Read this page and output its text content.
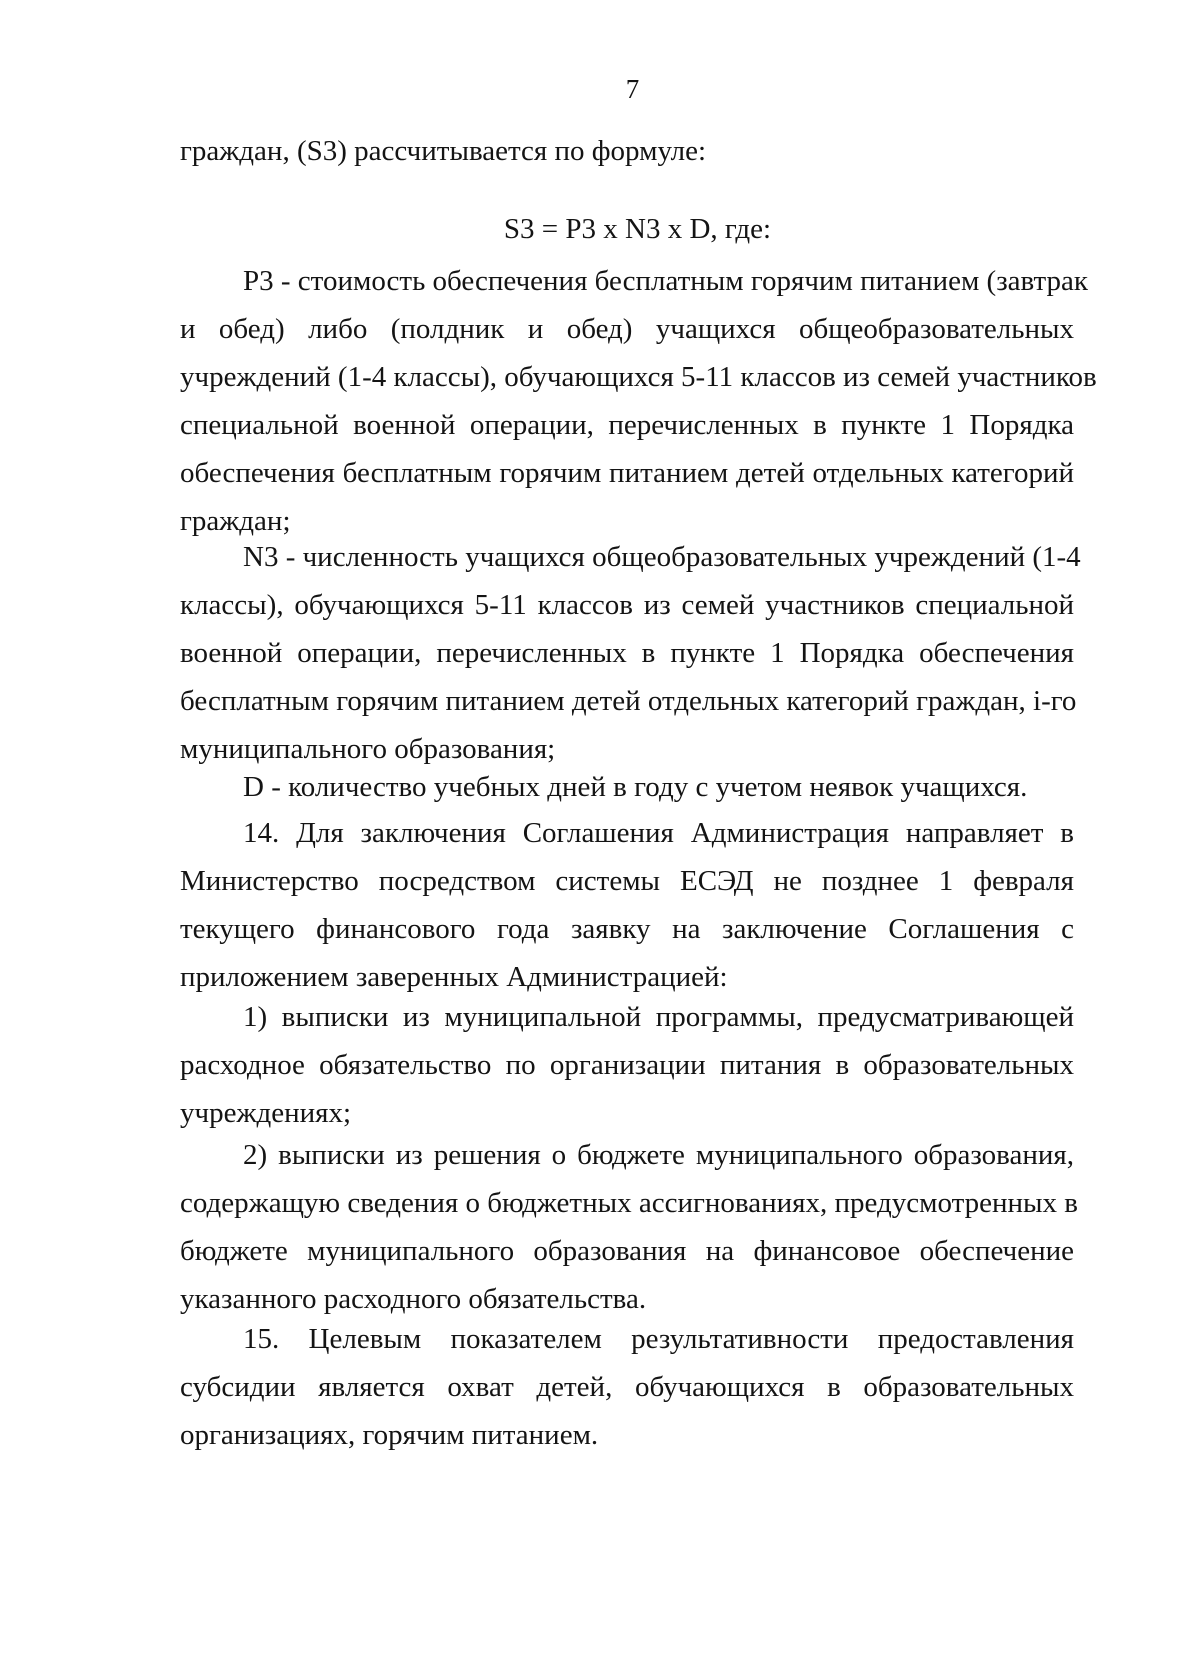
7
граждан, (S3) рассчитывается по формуле:
S3 = P3 x N3 x D, где:
P3 - стоимость обеспечения бесплатным горячим питанием (завтрак
и обед) либо (полдник и обед) учащихся общеобразовательных
учреждений (1-4 классы), обучающихся 5-11 классов из семей участников
специальной военной операции, перечисленных в пункте 1 Порядка
обеспечения бесплатным горячим питанием детей отдельных категорий
граждан;
N3 - численность учащихся общеобразовательных учреждений (1-4
классы), обучающихся 5-11 классов из семей участников специальной
военной операции, перечисленных в пункте 1 Порядка обеспечения
бесплатным горячим питанием детей отдельных категорий граждан, i-го
муниципального образования;
D - количество учебных дней в году с учетом неявок учащихся.
14. Для заключения Соглашения Администрация направляет в
Министерство посредством системы ЕСЭД не позднее 1 февраля
текущего финансового года заявку на заключение Соглашения с
приложением заверенных Администрацией:
1) выписки из муниципальной программы, предусматривающей
расходное обязательство по организации питания в образовательных
учреждениях;
2) выписки из решения о бюджете муниципального образования,
содержащую сведения о бюджетных ассигнованиях, предусмотренных в
бюджете муниципального образования на финансовое обеспечение
указанного расходного обязательства.
15. Целевым показателем результативности предоставления
субсидии является охват детей, обучающихся в образовательных
организациях, горячим питанием.
